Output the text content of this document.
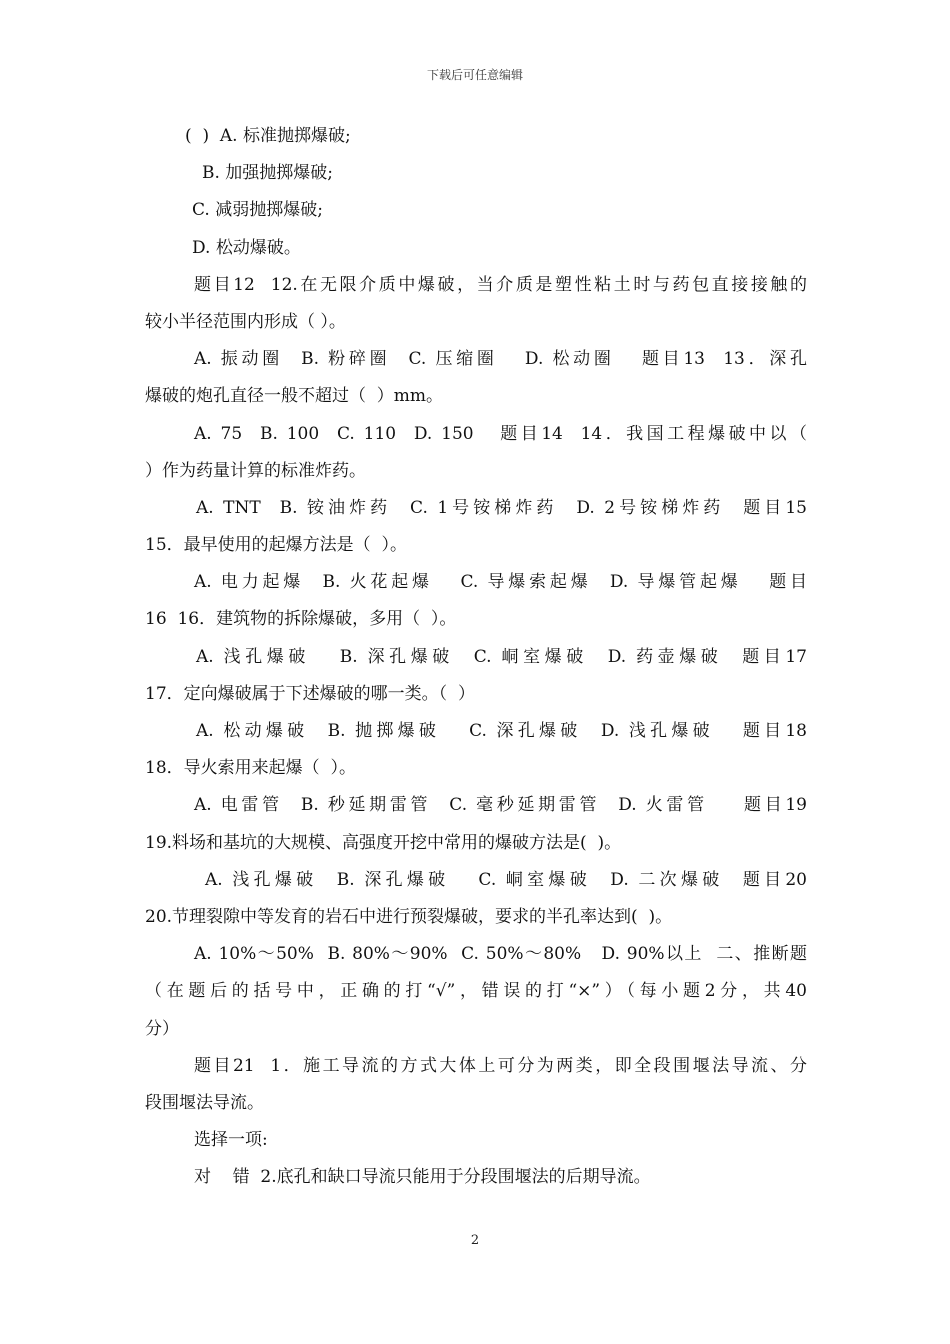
下载后可任意编辑
(  )  A. 标准抛掷爆破;
B. 加强抛掷爆破;
C. 减弱抛掷爆破;
D. 松动爆破。
题目12  12.在无限介质中爆破，当介质是塑性粘土时与药包直接接触的
较小半径范围内形成（ ）。
A. 振动圈  B. 粉碎圈  C. 压缩圈   D. 松动圈   题目13  13．深孔
爆破的炮孔直径一般不超过（  ）mm。
A. 75  B. 100  C. 110  D. 150   题目14  14．我国工程爆破中以（
）作为药量计算的标准炸药。
A. TNT  B. 铵油炸药  C. 1号铵梯炸药  D. 2号铵梯炸药  题目15
15．最早使用的起爆方法是（  ）。
A. 电力起爆  B. 火花起爆   C. 导爆索起爆  D. 导爆管起爆   题目
16  16．建筑物的拆除爆破，多用（  ）。
A. 浅孔爆破   B. 深孔爆破  C. 峒室爆破  D. 药壶爆破  题目17
17．定向爆破属于下述爆破的哪一类。（  ）
A. 松动爆破  B. 抛掷爆破   C. 深孔爆破  D. 浅孔爆破   题目18
18．导火索用来起爆（  ）。
A. 电雷管  B. 秒延期雷管  C. 毫秒延期雷管  D. 火雷管    题目19
19.料场和基坑的大规模、高强度开挖中常用的爆破方法是(  )。
A. 浅孔爆破  B. 深孔爆破   C. 峒室爆破  D. 二次爆破  题目20
20.节理裂隙中等发育的岩石中进行预裂爆破，要求的半孔率达到(  )。
A. 10%～50%  B. 80%～90%  C. 50%～80%   D. 90%以上  二、推断题
（在题后的括号中，正确的打“√”，错误的打“×”）（每小题2分，共40
分）
题目21  1．施工导流的方式大体上可分为两类，即全段围堰法导流、分
段围堰法导流。
选择一项:
对    错  2.底孔和缺口导流只能用于分段围堰法的后期导流。
2
